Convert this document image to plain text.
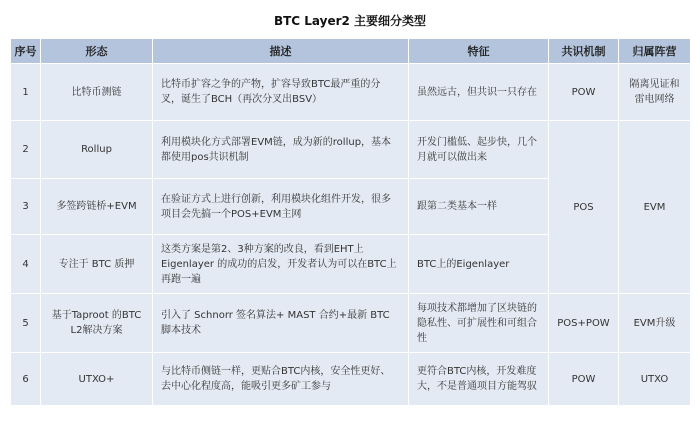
BTC Layer2 主要细分类型
序号	形态	描述	特征	共识机制	归属阵营
1	比特币测链	比特币扩容之争的产物，扩容导致BTC最严重的分叉，诞生了BCH（再次分叉出BSV）	虽然远古，但共识一只存在	POW	隔离见证和雷电网络
2	Rollup	利用模块化方式部署EVM链，成为新的rollup，基本都使用pos共识机制	开发门槛低、起步快，几个月就可以做出来	POS	EVM
3	多签跨链桥+EVM	在验证方式上进行创新，利用模块化组件开发，很多项目会先搞一个POS+EVM主网	跟第二类基本一样		
4	专注于 BTC 质押	这类方案是第2、3种方案的改良，看到EHT上Eigenlayer 的成功的启发，开发者认为可以在BTC上再跑一遍	BTC上的Eigenlayer		
5	基于Taproot 的BTC L2解决方案	引入了 Schnorr 签名算法+ MAST 合约+最新 BTC 脚本技术	每项技术都增加了区块链的隐私性、可扩展性和可组合性	POS+POW	EVM升级
6	UTXO+	与比特币侧链一样，更贴合BTC内核，安全性更好、去中心化程度高，能吸引更多矿工参与	更符合BTC内核，开发难度大，不是普通项目方能驾驭	POW	UTXO
